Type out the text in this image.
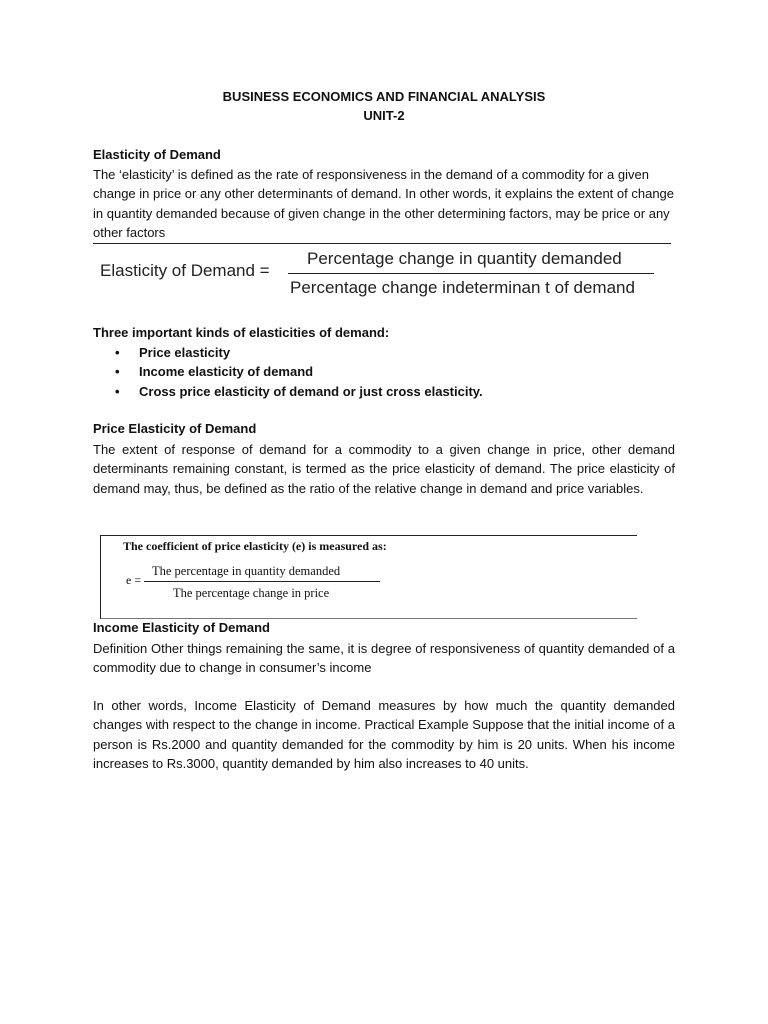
BUSINESS ECONOMICS AND FINANCIAL ANALYSIS
UNIT-2
Elasticity of Demand
The ‘elasticity’ is defined as the rate of responsiveness in the demand of a commodity for a given change in price or any other determinants of demand. In other words, it explains the extent of change in quantity demanded because of given change in the other determining factors, may be price or any other factors
Elasticity of Demand =
Percentage change in quantity demanded
Percentage change indeterminan t of demand
Three important kinds of elasticities of demand:
• Price elasticity
• Income elasticity of demand
• Cross price elasticity of demand or just cross elasticity.
Price Elasticity of Demand
The extent of response of demand for a commodity to a given change in price, other demand determinants remaining constant, is termed as the price elasticity of demand. The price elasticity of demand may, thus, be defined as the ratio of the relative change in demand and price variables.
The coefficient of price elasticity (e) is measured as:
e =
The percentage in quantity demanded
The percentage change in price
Income Elasticity of Demand
Definition Other things remaining the same, it is degree of responsiveness of quantity demanded of a commodity due to change in consumer’s income
In other words, Income Elasticity of Demand measures by how much the quantity demanded changes with respect to the change in income. Practical Example Suppose that the initial income of a person is Rs.2000 and quantity demanded for the commodity by him is 20 units. When his income increases to Rs.3000, quantity demanded by him also increases to 40 units.
